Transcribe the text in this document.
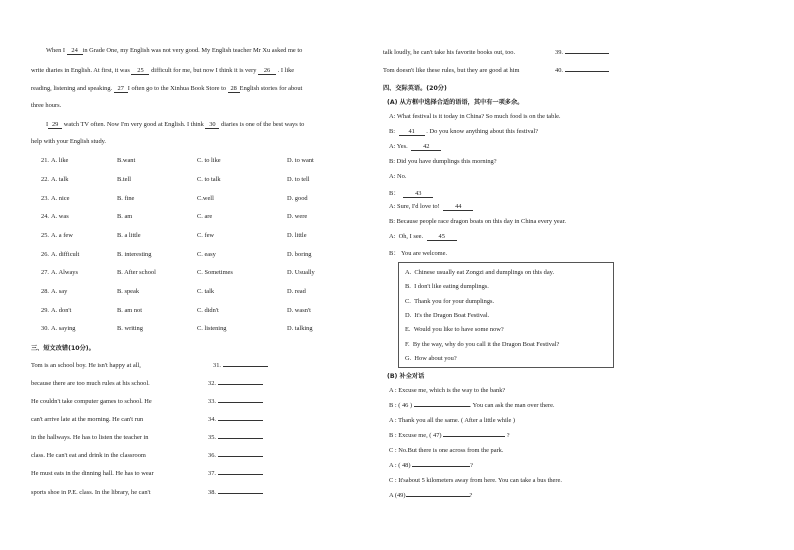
When I 24 in Grade One, my English was not very good. My English teacher Mr Xu asked me to
write diaries in English. At first, it was 25 difficult for me, but now I think it is very 26 . I like
reading, listening and speaking. 27 I often go to the Xinhua Book Store to 28 English stories for about
three hours.
I 29 watch TV often. Now I'm very good at English. I think 30 diaries is one of the best ways to
help with your English study.
21. A. like	B.want	C. to like	D. to want
22. A. talk	B.tell	C. to talk	D. to tell
23. A. nice	B. fine	C.well	D. good
24. A. was	B. am	C. are	D. were
25. A. a few	B. a little	C. few	D. little
26. A. difficult	B. interesting	C. easy	D. boring
27. A. Always	B. After school	C. Sometimes	D. Usually
28. A. say	B. speak	C. talk	D. read
29. A. don't	B. am not	C. didn't	D. wasn't
30. A. saying	B. writing	C. listening	D. talking
三、短文改错(10分)。
Tom is an school boy. He isn't happy at all,	31.
because there are too much rules at his school.	32.
He couldn't take computer games to school. He	33.
can't arrive late at the morning. He can't run	34.
in the hallways. He has to listen the teacher in	35.
class. He can't eat and drink in the classroom	36.
He must eats in the dinning hall. He has to wear	37.
sports shoe in P.E. class. In the library, he can't	38.
talk loudly, he can't take his favorite books out, too.	39.
Tom doesn't like these rules, but they are good at him	40.
四、交际英语。(20分)
(A) 从方框中选择合适的语语，其中有一项多余。
A: What festival is it today in China? So much food is on the table.
B: 41 . Do you know anything about this festival?
A: Yes. 42
B: Did you have dumplings this morning?
A: No.
B： 43
A: Sure, I'd love to! 44
B: Because people race dragon boats on this day in China every year.
A: Oh, I see. 45
B： You are welcome.
A. Chinese usually eat Zongzi and dumplings on this day.
B. I don't like eating dumplings.
C. Thank you for your dumplings.
D. It's the Dragon Boat Festival.
E. Would you like to have some now?
F. By the way, why do you call it the Dragon Boat Festival?
G. How about you?
(B) 补全对话
A : Excuse me, which is the way to the bank?
B : ( 46 )	. You can ask the man over there.
A : Thank you all the same. ( After a little while )
B : Excuse me, ( 47)	?
C : No.But there is one across from the park.
A : ( 48)	?
C : It'sabout 5 kilometers away from here. You can take a bus there.
A (49)	?
